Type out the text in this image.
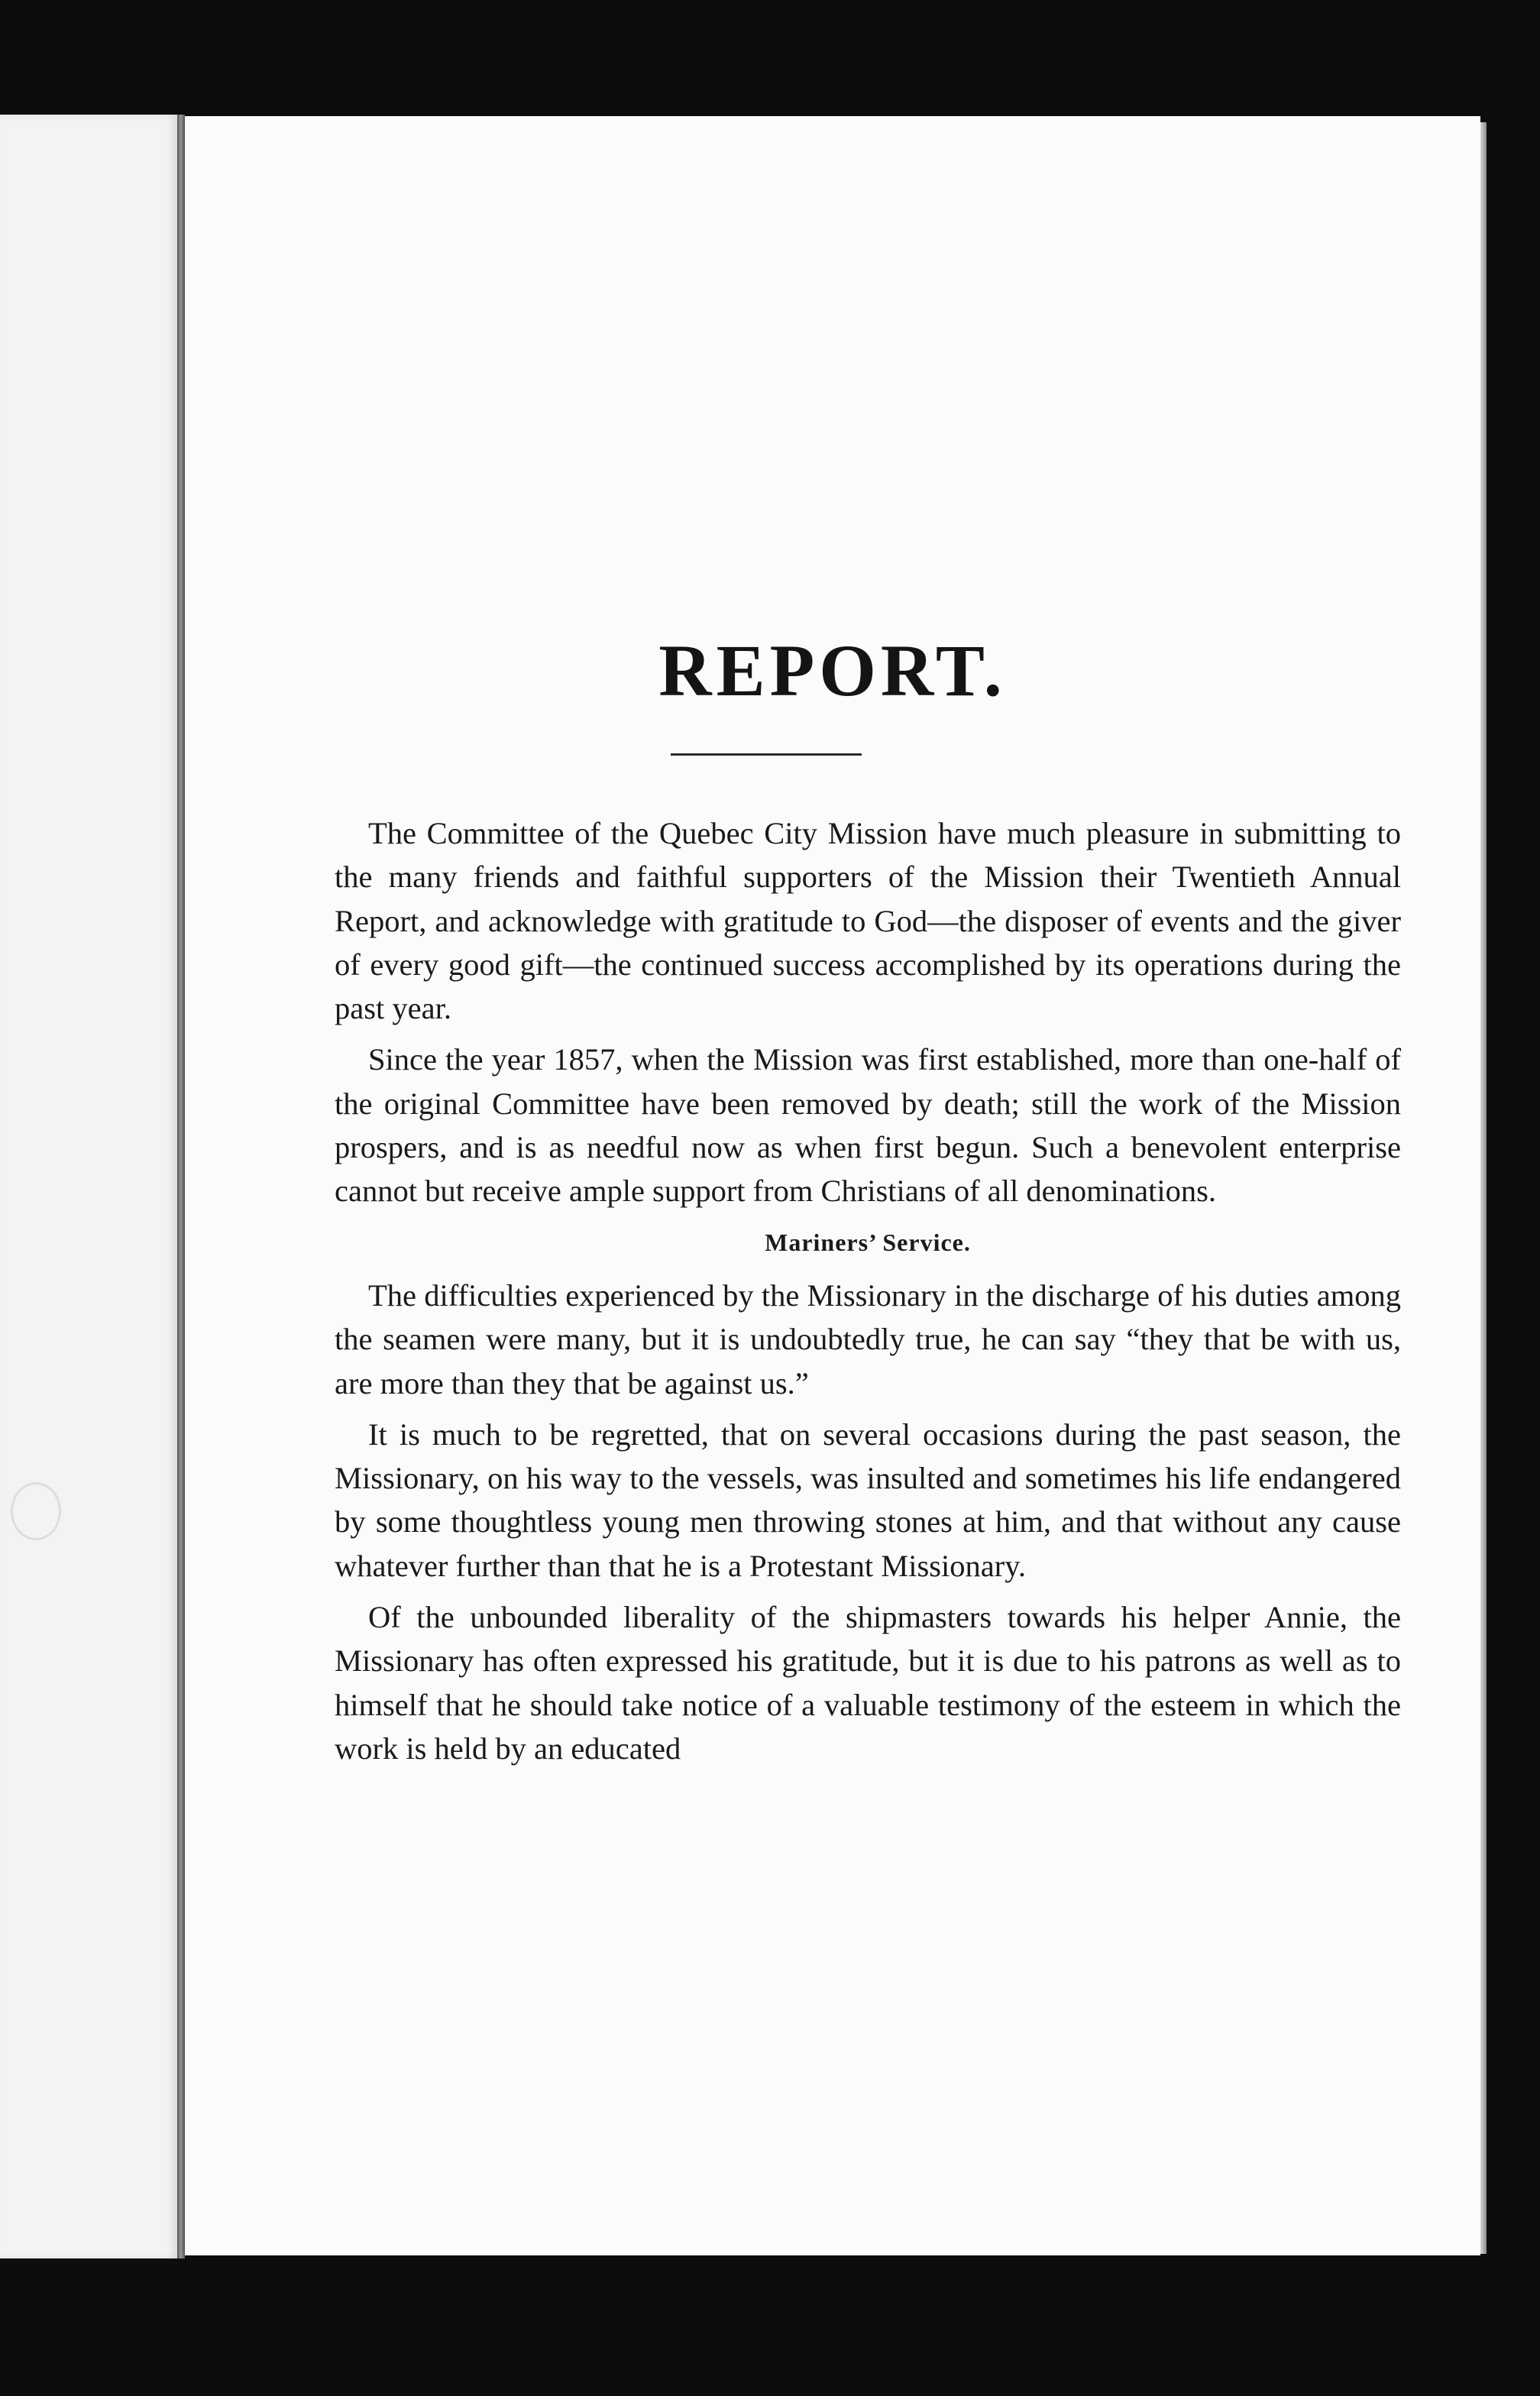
REPORT.

The Committee of the Quebec City Mission have much pleasure in submitting to the many friends and faithful supporters of the Mission their Twentieth Annual Report, and acknowledge with gratitude to God—the disposer of events and the giver of every good gift—the continued success accomplished by its operations during the past year.

Since the year 1857, when the Mission was first established, more than one-half of the original Committee have been removed by death; still the work of the Mission prospers, and is as needful now as when first begun. Such a benevolent enterprise cannot but receive ample support from Christians of all denominations.

Mariners’ Service.

The difficulties experienced by the Missionary in the discharge of his duties among the seamen were many, but it is undoubtedly true, he can say “they that be with us, are more than they that be against us.”

It is much to be regretted, that on several occasions during the past season, the Missionary, on his way to the vessels, was insulted and sometimes his life endangered by some thoughtless young men throwing stones at him, and that without any cause whatever further than that he is a Protestant Missionary.

Of the unbounded liberality of the shipmasters towards his helper Annie, the Missionary has often expressed his gratitude, but it is due to his patrons as well as to himself that he should take notice of a valuable testimony of the esteem in which the work is held by an educated
